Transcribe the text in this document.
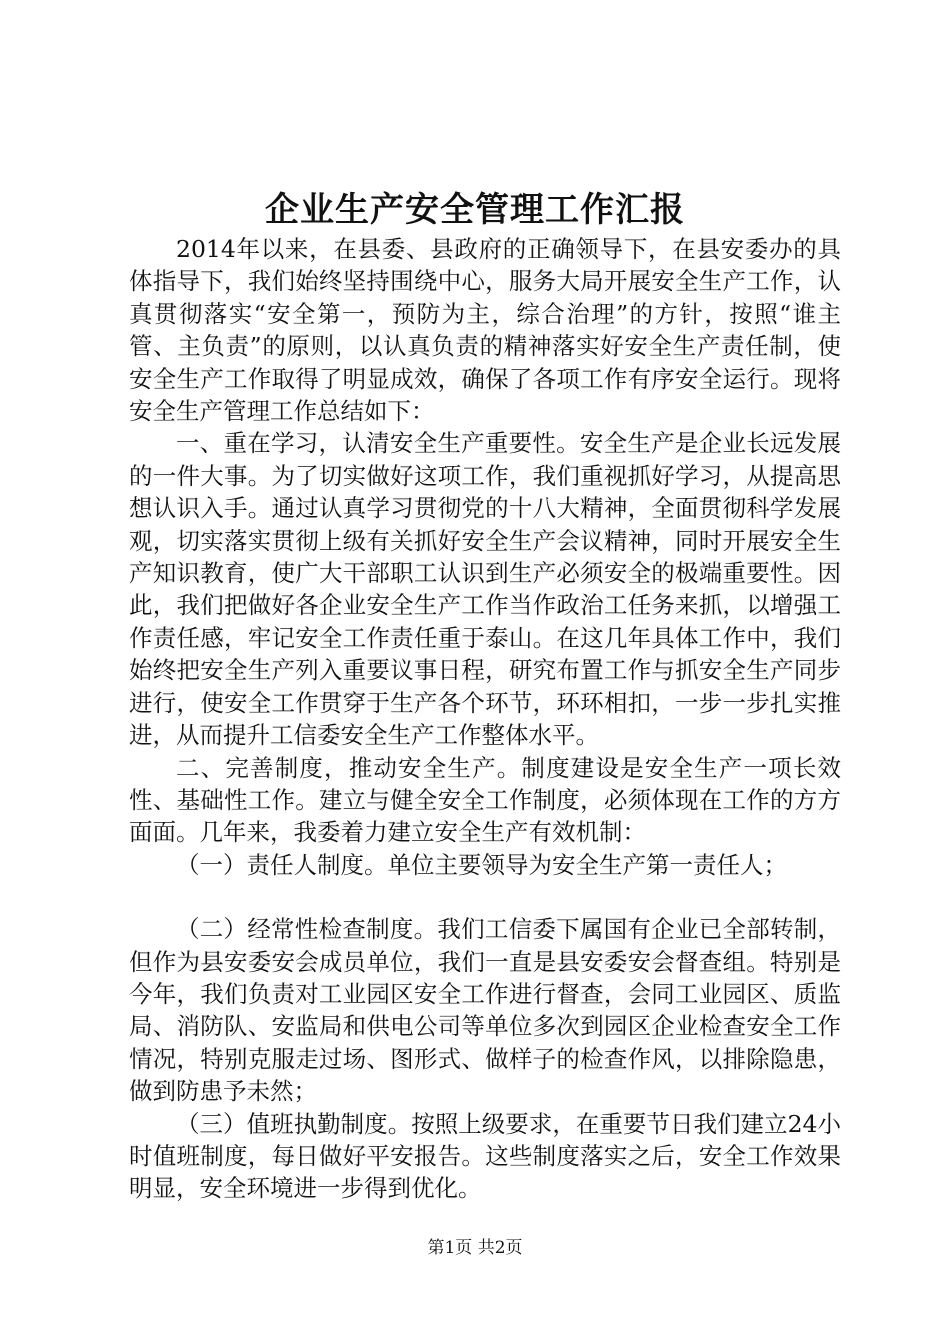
企业生产安全管理工作汇报

2014年以来，在县委、县政府的正确领导下，在县安委办的具体指导下，我们始终坚持围绕中心，服务大局开展安全生产工作，认真贯彻落实“安全第一，预防为主，综合治理”的方针，按照“谁主管、主负责”的原则，以认真负责的精神落实好安全生产责任制，使安全生产工作取得了明显成效，确保了各项工作有序安全运行。现将安全生产管理工作总结如下：

一、重在学习，认清安全生产重要性。安全生产是企业长远发展的一件大事。为了切实做好这项工作，我们重视抓好学习，从提高思想认识入手。通过认真学习贯彻党的十八大精神，全面贯彻科学发展观，切实落实贯彻上级有关抓好安全生产会议精神，同时开展安全生产知识教育，使广大干部职工认识到生产必须安全的极端重要性。因此，我们把做好各企业安全生产工作当作政治工任务来抓，以增强工作责任感，牢记安全工作责任重于泰山。在这几年具体工作中，我们始终把安全生产列入重要议事日程，研究布置工作与抓安全生产同步进行，使安全工作贯穿于生产各个环节，环环相扣，一步一步扎实推进，从而提升工信委安全生产工作整体水平。

二、完善制度，推动安全生产。制度建设是安全生产一项长效性、基础性工作。建立与健全安全工作制度，必须体现在工作的方方面面。几年来，我委着力建立安全生产有效机制：

（一）责任人制度。单位主要领导为安全生产第一责任人；

（二）经常性检查制度。我们工信委下属国有企业已全部转制，但作为县安委安会成员单位，我们一直是县安委安会督查组。特别是今年，我们负责对工业园区安全工作进行督查，会同工业园区、质监局、消防队、安监局和供电公司等单位多次到园区企业检查安全工作情况，特别克服走过场、图形式、做样子的检查作风，以排除隐患，做到防患予未然；

（三）值班执勤制度。按照上级要求，在重要节日我们建立24小时值班制度，每日做好平安报告。这些制度落实之后，安全工作效果明显，安全环境进一步得到优化。

第1页 共2页
